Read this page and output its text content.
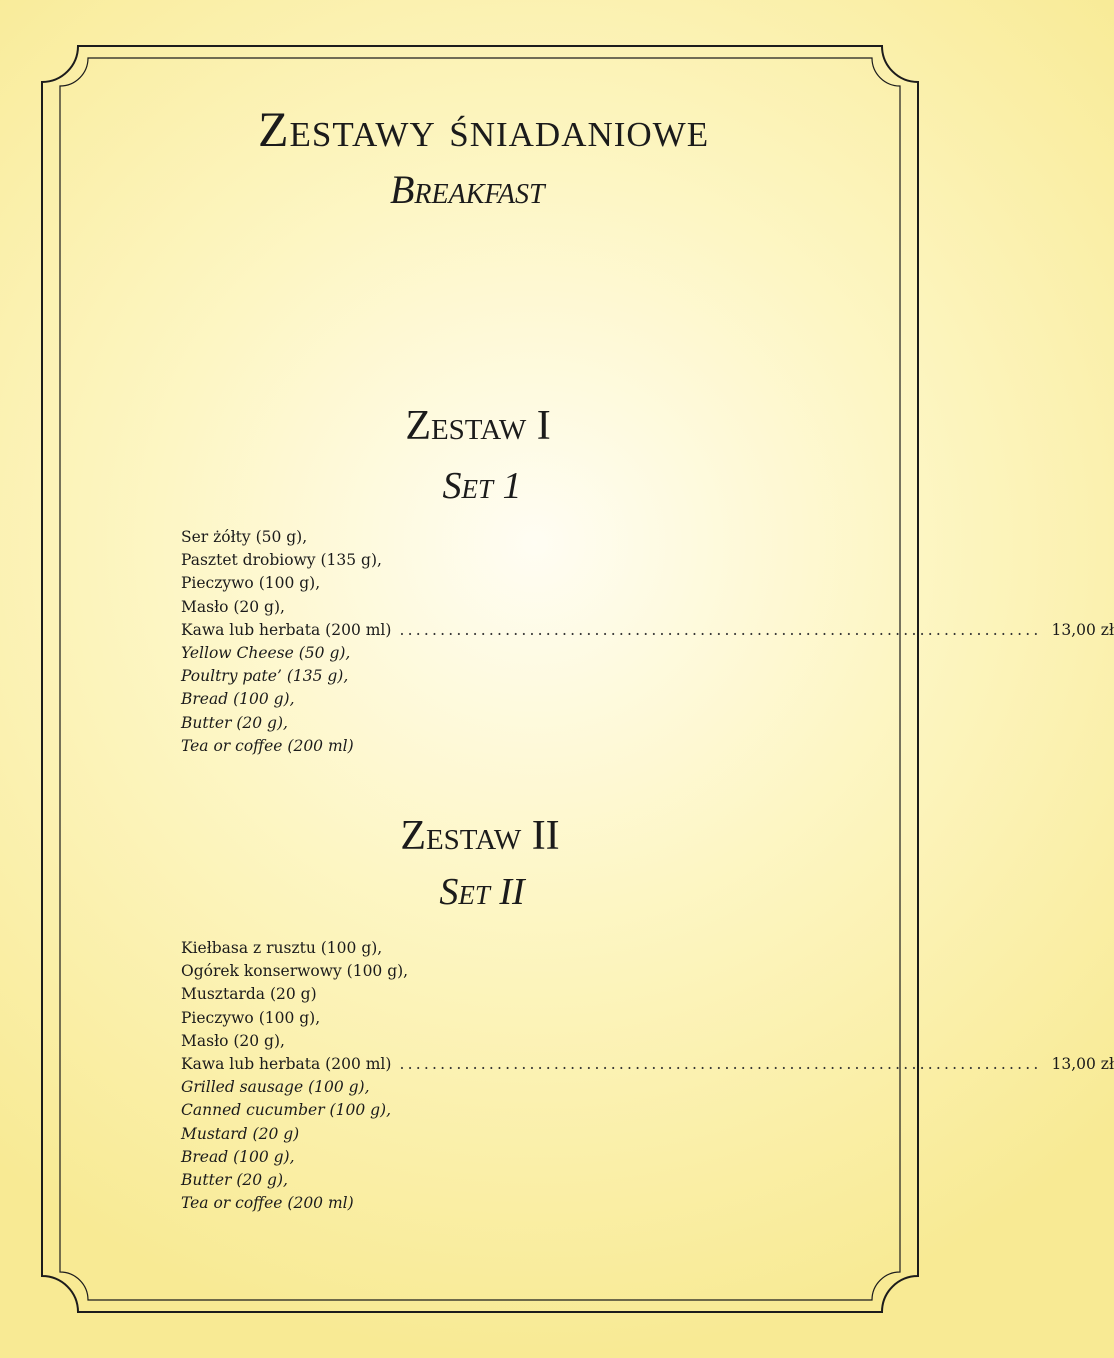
Zestawy śniadaniowe
Breakfast
Zestaw I
Set 1
Ser żółty (50 g),
Pasztet drobiowy (135 g),
Pieczywo (100 g),
Masło (20 g),
Kawa lub herbata (200 ml) ............................................................................... 13,00 zł
Yellow Cheese (50 g),
Poultry pate’ (135 g),
Bread (100 g),
Butter (20 g),
Tea or coffee (200 ml)
Zestaw II
Set II
Kiełbasa z rusztu (100 g),
Ogórek konserwowy (100 g),
Musztarda (20 g)
Pieczywo (100 g),
Masło (20 g),
Kawa lub herbata (200 ml) ............................................................................... 13,00 zł
Grilled sausage (100 g),
Canned cucumber (100 g),
Mustard (20 g)
Bread (100 g),
Butter (20 g),
Tea or coffee (200 ml)
